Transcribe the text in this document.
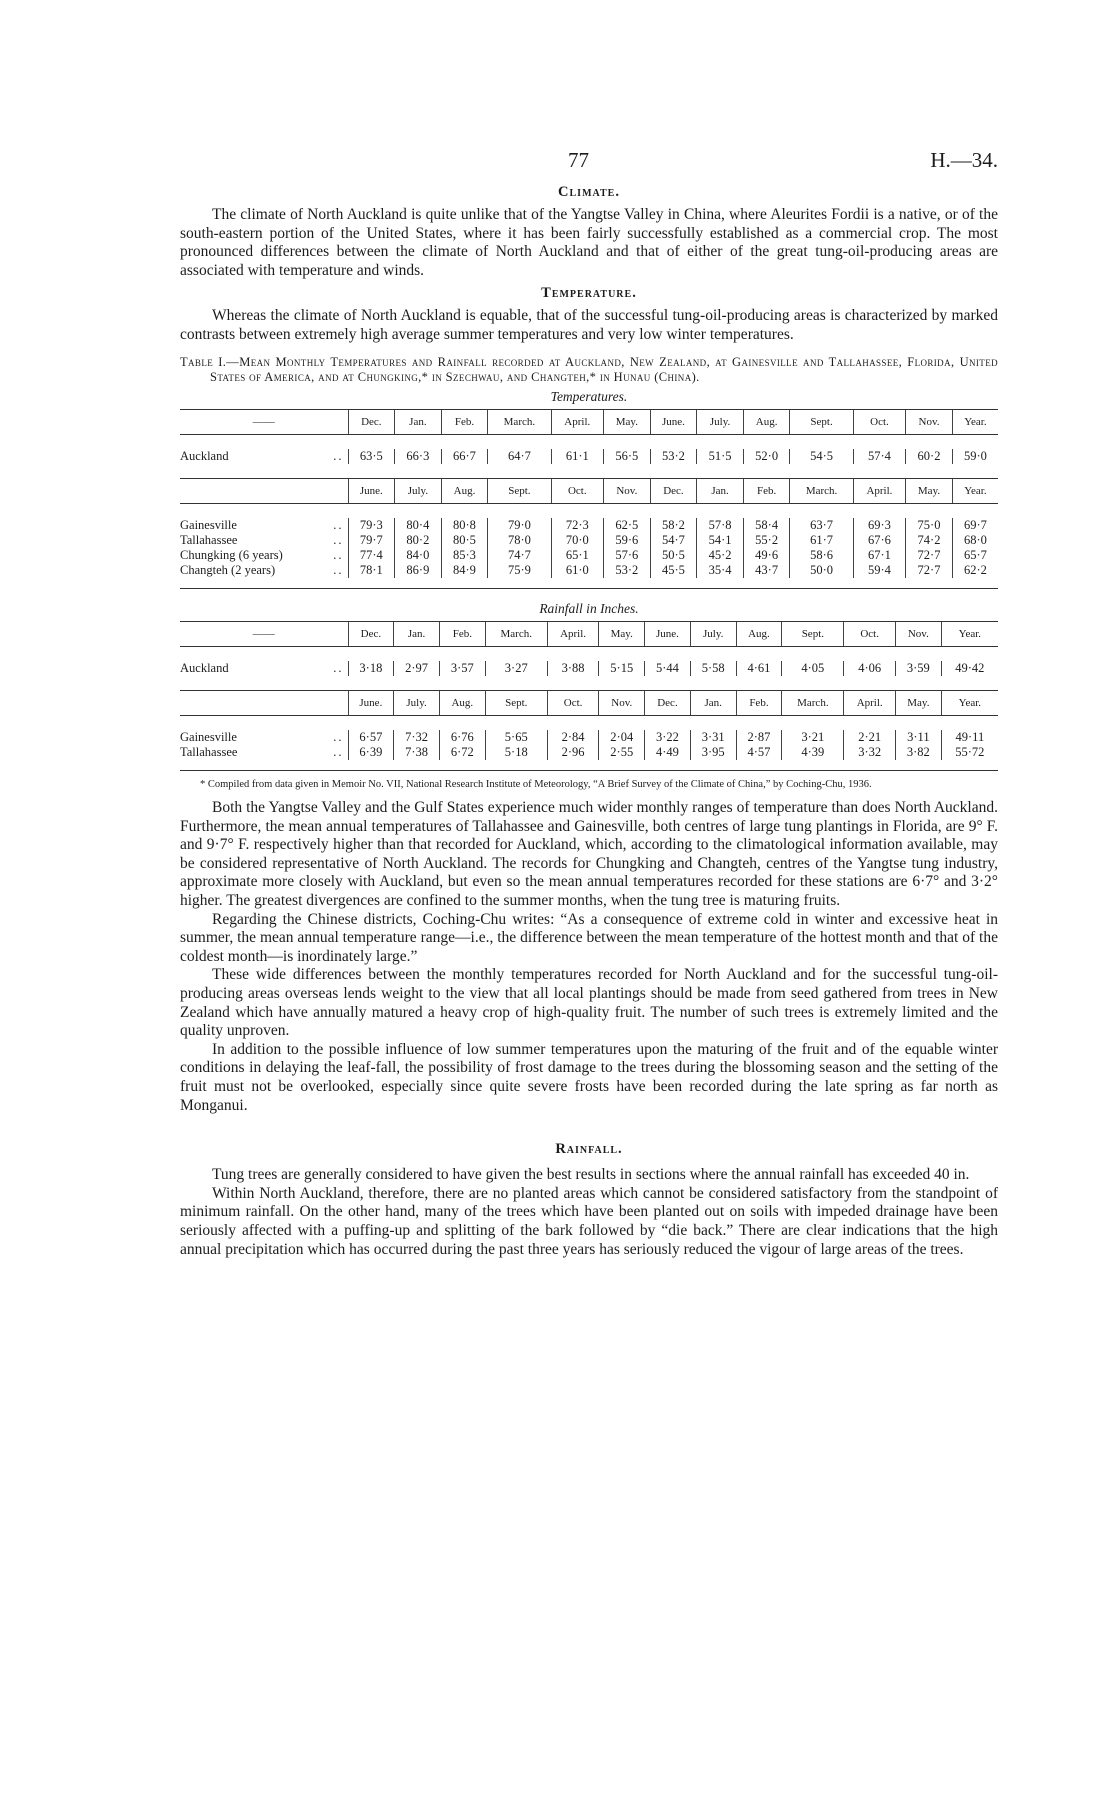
77	H.—34.
Climate.

The climate of North Auckland is quite unlike that of the Yangtse Valley in China, where Aleurites Fordii is a native, or of the south-eastern portion of the United States, where it has been fairly successfully established as a commercial crop. The most pronounced differences between the climate of North Auckland and that of either of the great tung-oil-producing areas are associated with temperature and winds.

Temperature.

Whereas the climate of North Auckland is equable, that of the successful tung-oil-producing areas is characterized by marked contrasts between extremely high average summer temperatures and very low winter temperatures.

Table I.—Mean Monthly Temperatures and Rainfall recorded at Auckland, New Zealand, at Gainesville and Tallahassee, Florida, United States of America, and at Chungking,* in Szechwau, and Changteh,* in Hunau (China).

Temperatures.
——	Dec.	Jan.	Feb.	March.	April.	May.	June.	July.	Aug.	Sept.	Oct.	Nov.	Year.

Auckland ..	63·5	66·3	66·7	64·7	61·1	56·5	53·2	51·5	52·0	54·5	57·4	60·2	59·0

	June.	July.	Aug.	Sept.	Oct.	Nov.	Dec.	Jan.	Feb.	March.	April.	May.	Year.

Gainesville ..	79·3	80·4	80·8	79·0	72·3	62·5	58·2	57·8	58·4	63·7	69·3	75·0	69·7
Tallahassee ..	79·7	80·2	80·5	78·0	70·0	59·6	54·7	54·1	55·2	61·7	67·6	74·2	68·0
Chungking (6 years) ..	77·4	84·0	85·3	74·7	65·1	57·6	50·5	45·2	49·6	58·6	67·1	72·7	65·7
Changteh (2 years) ..	78·1	86·9	84·9	75·9	61·0	53·2	45·5	35·4	43·7	50·0	59·4	72·7	62·2
Rainfall in Inches.
——	Dec.	Jan.	Feb.	March.	April.	May.	June.	July.	Aug.	Sept.	Oct.	Nov.	Year.

Auckland ..	3·18	2·97	3·57	3·27	3·88	5·15	5·44	5·58	4·61	4·05	4·06	3·59	49·42

	June.	July.	Aug.	Sept.	Oct.	Nov.	Dec.	Jan.	Feb.	March.	April.	May.	Year.

Gainesville ..	6·57	7·32	6·76	5·65	2·84	2·04	3·22	3·31	2·87	3·21	2·21	3·11	49·11
Tallahassee ..	6·39	7·38	6·72	5·18	2·96	2·55	4·49	3·95	4·57	4·39	3·32	3·82	55·72

* Compiled from data given in Memoir No. VII, National Research Institute of Meteorology, “A Brief Survey of the Climate of China,” by Coching-Chu, 1936.

Both the Yangtse Valley and the Gulf States experience much wider monthly ranges of temperature than does North Auckland. Furthermore, the mean annual temperatures of Tallahassee and Gainesville, both centres of large tung plantings in Florida, are 9° F. and 9·7° F. respectively higher than that recorded for Auckland, which, according to the climatological information available, may be considered representative of North Auckland. The records for Chungking and Changteh, centres of the Yangtse tung industry, approximate more closely with Auckland, but even so the mean annual temperatures recorded for these stations are 6·7° and 3·2° higher. The greatest divergences are confined to the summer months, when the tung tree is maturing fruits.

Regarding the Chinese districts, Coching-Chu writes: “As a consequence of extreme cold in winter and excessive heat in summer, the mean annual temperature range—i.e., the difference between the mean temperature of the hottest month and that of the coldest month—is inordinately large.”

These wide differences between the monthly temperatures recorded for North Auckland and for the successful tung-oil-producing areas overseas lends weight to the view that all local plantings should be made from seed gathered from trees in New Zealand which have annually matured a heavy crop of high-quality fruit. The number of such trees is extremely limited and the quality unproven.

In addition to the possible influence of low summer temperatures upon the maturing of the fruit and of the equable winter conditions in delaying the leaf-fall, the possibility of frost damage to the trees during the blossoming season and the setting of the fruit must not be overlooked, especially since quite severe frosts have been recorded during the late spring as far north as Monganui.

Rainfall.

Tung trees are generally considered to have given the best results in sections where the annual rainfall has exceeded 40 in.

Within North Auckland, therefore, there are no planted areas which cannot be considered satisfactory from the standpoint of minimum rainfall. On the other hand, many of the trees which have been planted out on soils with impeded drainage have been seriously affected with a puffing-up and splitting of the bark followed by “die back.” There are clear indications that the high annual precipitation which has occurred during the past three years has seriously reduced the vigour of large areas of the trees.
